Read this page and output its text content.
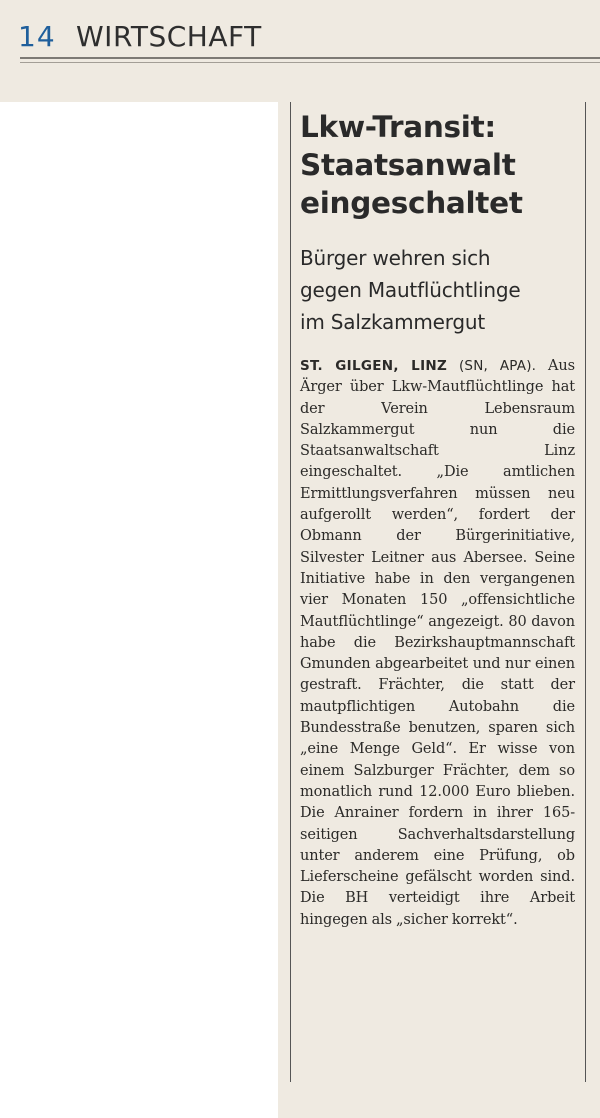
14 WIRTSCHAFT
Lkw-Transit:
Staatsanwalt
eingeschaltet
Bürger wehren sich
gegen Mautflüchtlinge
im Salzkammergut
ST. GILGEN, LINZ (SN, APA). Aus Ärger über Lkw-Mautflüchtlinge hat der Verein Lebensraum Salzkammergut nun die Staatsanwaltschaft Linz eingeschaltet. „Die amtlichen Ermittlungsverfahren müssen neu aufgerollt werden“, fordert der Obmann der Bürgerinitiative, Silvester Leitner aus Abersee. Seine Initiative habe in den vergangenen vier Monaten 150 „offensichtliche Mautflüchtlinge“ angezeigt. 80 davon habe die Bezirkshauptmannschaft Gmunden abgearbeitet und nur einen gestraft. Frächter, die statt der mautpflichtigen Autobahn die Bundesstraße benutzen, sparen sich „eine Menge Geld“. Er wisse von einem Salzburger Frächter, dem so monatlich rund 12.000 Euro blieben. Die Anrainer fordern in ihrer 165-seitigen Sachverhaltsdarstellung unter anderem eine Prüfung, ob Lieferscheine gefälscht worden sind. Die BH verteidigt ihre Arbeit hingegen als „sicher korrekt“.
